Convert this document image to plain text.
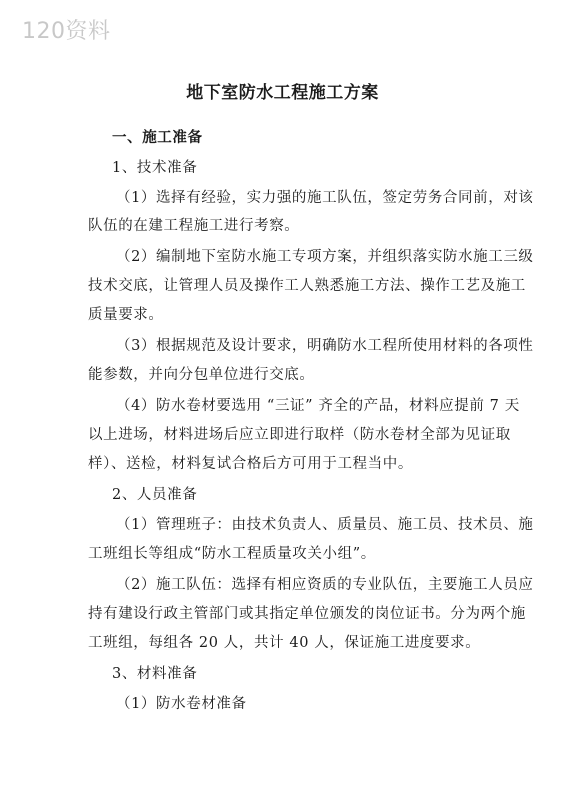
120资料
地下室防水工程施工方案
一、施工准备
1、技术准备
（1）选择有经验，实力强的施工队伍，签定劳务合同前，对该
队伍的在建工程施工进行考察。
（2）编制地下室防水施工专项方案，并组织落实防水施工三级
技术交底，让管理人员及操作工人熟悉施工方法、操作工艺及施工
质量要求。
（3）根据规范及设计要求，明确防水工程所使用材料的各项性
能参数，并向分包单位进行交底。
（4）防水卷材要选用 “三证” 齐全的产品，材料应提前 7 天
以上进场，材料进场后应立即进行取样（防水卷材全部为见证取
样）、送检，材料复试合格后方可用于工程当中。
2、人员准备
（1）管理班子：由技术负责人、质量员、施工员、技术员、施
工班组长等组成“防水工程质量攻关小组”。
（2）施工队伍：选择有相应资质的专业队伍，主要施工人员应
持有建设行政主管部门或其指定单位颁发的岗位证书。分为两个施
工班组，每组各 20 人，共计 40 人，保证施工进度要求。
3、材料准备
（1）防水卷材准备
